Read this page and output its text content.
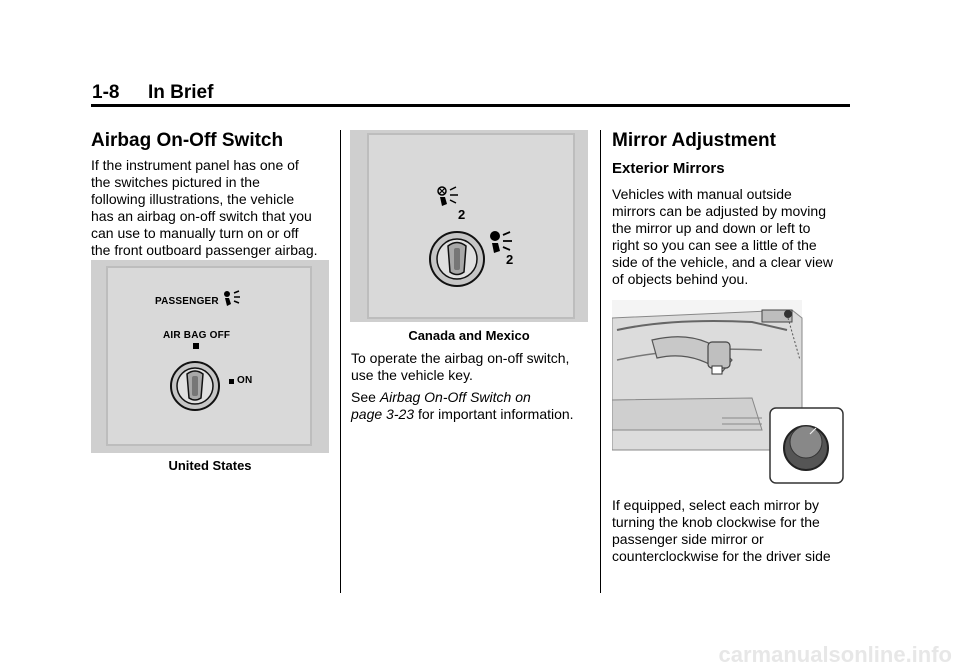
1-8 In Brief
Airbag On-Off Switch

If the instrument panel has one of

the switches pictured in the

following illustrations, the vehicle

has an airbag on-off switch that you

can use to manually turn on or off

the front outboard passenger airbag.

PASSENGER
AIR BAG OFF
ON
United States
2
2
Canada and Mexico

To operate the airbag on-off switch,

use the vehicle key.

See Airbag On-Off Switch on

page 3-23 for important information.

Mirror Adjustment
Exterior Mirrors

Vehicles with manual outside

mirrors can be adjusted by moving

the mirror up and down or left to

right so you can see a little of the

side of the vehicle, and a clear view

of objects behind you.

If equipped, select each mirror by

turning the knob clockwise for the

passenger side mirror or

counterclockwise for the driver side

carmanualsonline.info
